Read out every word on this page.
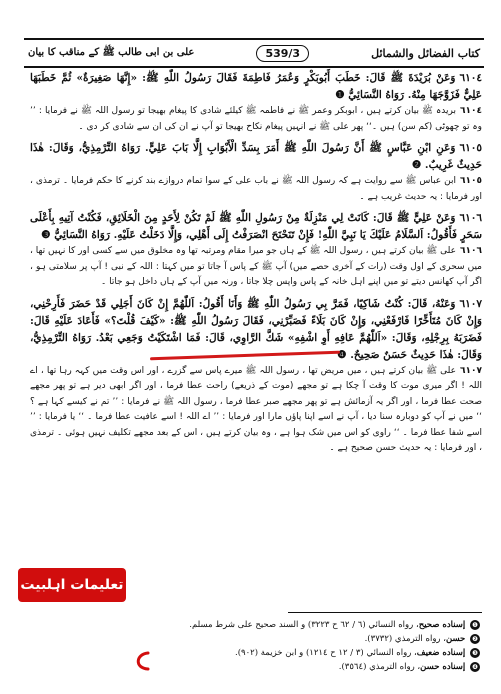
علی بن ابی طالب ﷺ کے مناقب کا بیان	539/3	كتاب الفضائل والشمائل

٦١٠٤وَعَنْ بُرَيْدَةَ ﷺ قَالَ: خَطَبَ أَبُوبَكْرٍ وَعُمَرُ فَاطِمَةَ فَقَالَ رَسُولُ اللّٰهِ ﷺ: «إِنَّهَا صَغِيرَةٌ» ثُمَّ خَطَبَهَا عَلِيٌّ فَزَوَّجَهَا مِنْهُ. رَوَاهُ النَّسَائِيُّ ❶

٦١٠٤بریدہ ﷺ بیان کرتے ہیں ، ابوبکر وعمر ﷺ نے فاطمہ ﷺ کیلئے شادی کا پیغام بھیجا تو رسول اللہ ﷺ نے فرمایا : ’’ وہ تو چھوٹی (کم سن) ہیں ۔‘‘ پھر علی ﷺ نے انہیں پیغام نکاح بھیجا تو آپ نے ان کی ان سے شادی کر دی ۔

٦١٠٥وَعَنِ ابْنِ عَبَّاسٍ ﷺ أَنَّ رَسُولَ اللّٰهِ ﷺ أَمَرَ بِسَدِّ الْأَبْوَابِ إِلَّا بَابَ عَلِيٍّ. رَوَاهُ التِّرْمِذِيُّ، وَقَالَ: هٰذَا حَدِيثٌ غَرِيبٌ. ❷

٦١٠٥ابن عباس ﷺ سے روایت ہے کہ رسول اللہ ﷺ نے باب علی کے سوا تمام دروازے بند کرنے کا حکم فرمایا ۔ ترمذی ، اور فرمایا : یہ حدیث غریب ہے ۔

٦١٠٦وَعَنْ عَلِيٍّ ﷺ قَالَ: كَانَتْ لِي مَنْزِلَةٌ مِنْ رَسُولِ اللّٰهِ ﷺ لَمْ تَكُنْ لِأَحَدٍ مِنَ الْخَلَائِقِ، فَكُنْتُ آتِيهِ بِأَعْلَى سَحَرٍ فَأَقُولُ: اَلسَّلَامُ عَلَيْكَ يَا نَبِيَّ اللّٰهِ! فَإِنْ تَنَحْنَحَ انْصَرَفْتُ إِلَى أَهْلِي، وَإِلَّا دَخَلْتُ عَلَيْهِ. رَوَاهُ النَّسَائِيُّ ❸

٦١٠٦علی ﷺ بیان کرتے ہیں ، رسول اللہ ﷺ کے ہاں جو میرا مقام ومرتبہ تھا وہ مخلوق میں سے کسی اور کا نہیں تھا ، میں سحری کے اول وقت (رات کے آخری حصے میں) آپ ﷺ کے پاس آ جاتا تو میں کہتا : اللہ کے نبی ! آپ پر سلامتی ہو ، اگر آپ کھانس دیتے تو میں اپنے اہل خانہ کے پاس واپس چلا جاتا ، ورنہ میں آپ کے ہاں داخل ہو جاتا ۔

٦١٠٧وَعَنْهُ، قَالَ: كُنْتُ شَاكِيًا، فَمَرَّ بِي رَسُولُ اللّٰهِ ﷺ وَأَنَا أَقُولُ: اَللّٰهُمَّ إِنْ كَانَ أَجَلِي قَدْ حَضَرَ فَأَرِحْنِي، وَإِنْ كَانَ مُتَأَخِّرًا فَارْفَعْنِي، وَإِنْ كَانَ بَلَاءً فَصَبِّرْنِي، فَقَالَ رَسُولُ اللّٰهِ ﷺ: «كَيْفَ قُلْتَ؟» فَأَعَادَ عَلَيْهِ قَالَ: فَضَرَبَهُ بِرِجْلِهِ، وَقَالَ: «اَللّٰهُمَّ عَافِهِ أَوِ اشْفِهِ» شَكَّ الرَّاوِي، قَالَ: فَمَا اشْتَكَيْتُ وَجَعِي بَعْدُ. رَوَاهُ التِّرْمِذِيُّ، وَقَالَ: هٰذَا حَدِيثٌ حَسَنٌ صَحِيحٌ. ❹

٦١٠٧علی ﷺ بیان کرتے ہیں ، میں مریض تھا ، رسول اللہ ﷺ میرے پاس سے گزرے ، اور اس وقت میں کہہ رہا تھا ، اے اللہ ! اگر میری موت کا وقت آ چکا ہے تو مجھے (موت کے ذریعے) راحت عطا فرما ، اور اگر ابھی دیر ہے تو پھر مجھے صحت عطا فرما ، اور اگر یہ آزمائش ہے تو پھر مجھے صبر عطا فرما ، رسول اللہ ﷺ نے فرمایا : ’’ تم نے کیسے کہا ہے ؟ ‘‘ میں نے آپ کو دوبارہ سنا دیا ، آپ نے اسے اپنا پاؤں مارا اور فرمایا : ’’ اے اللہ ! اسے عافیت عطا فرما ۔ ‘‘ یا فرمایا : ’’ اسے شفا عطا فرما ۔ ‘‘ راوی کو اس میں شک ہوا ہے ، وہ بیان کرتے ہیں ، اس کے بعد مجھے تکلیف نہیں ہوئی ۔ ترمذی ، اور فرمایا : یہ حدیث حسن صحیح ہے ۔

تعلیمات اہلبیت

❶ إسناده صحيح، رواه النسائي (٦ / ٦٢ ح ٣٢٢٣) و السند صحيح على شرط مسلم.

❷ حسن، رواه الترمذي (٣٧٣٢).

❸ إسناده ضعيف، رواه النسائي (٣ / ١٢ ح ١٢١٤) و ابن خزيمة (٩٠٢).

❹ إسناده حسن، رواه الترمذي (٣٥٦٤).
